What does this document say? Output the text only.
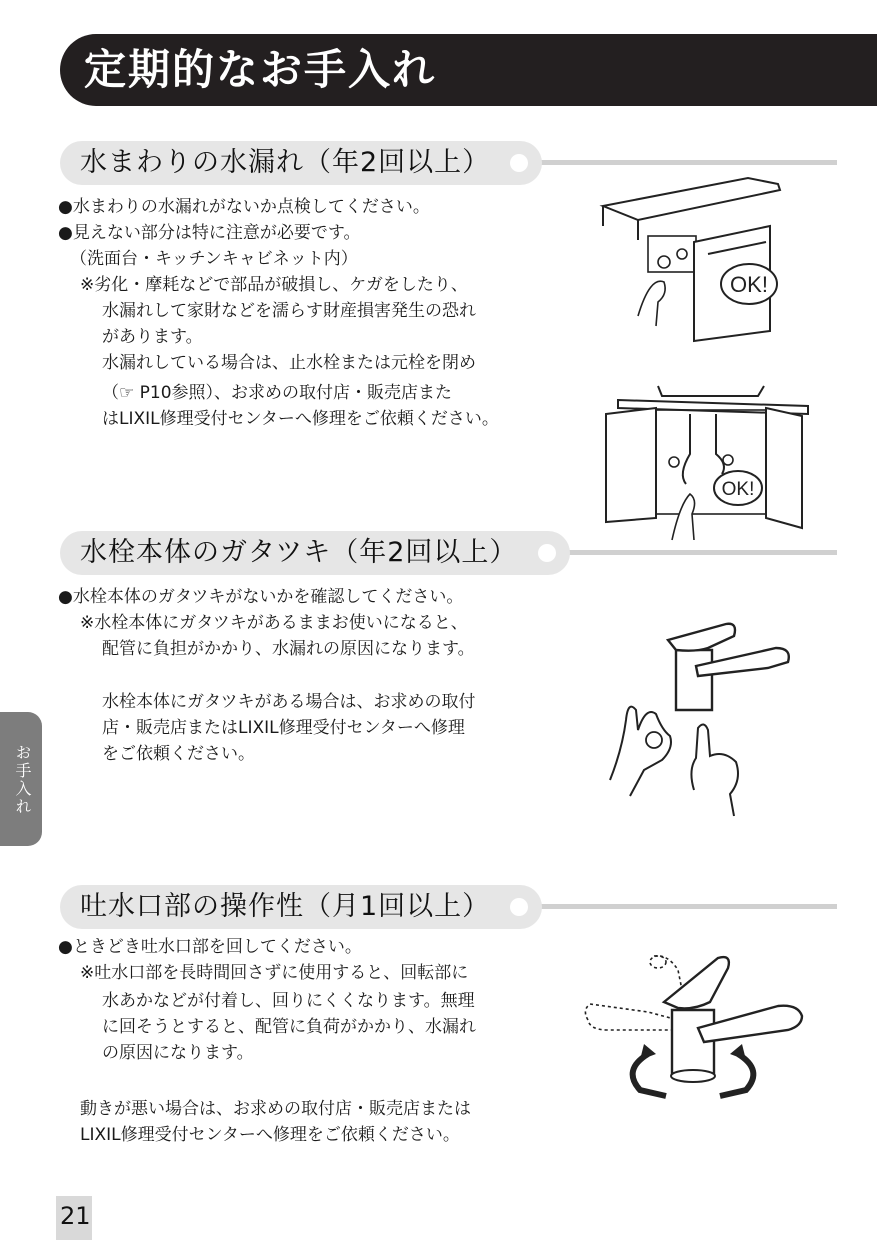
定期的なお手入れ
水まわりの水漏れ（年2回以上）
● 水まわりの水漏れがないか点検してください。
● 見えない部分は特に注意が必要です。
（洗面台・キッチンキャビネット内）
※劣化・摩耗などで部品が破損し、ケガをしたり、
水漏れして家財などを濡らす財産損害発生の恐れ
があります。
水漏れしている場合は、止水栓または元栓を閉め
（☞ P10参照）、お求めの取付店・販売店また
はLIXIL修理受付センターへ修理をご依頼ください。
OK!
OK!
水栓本体のガタツキ（年2回以上）
● 水栓本体のガタツキがないかを確認してください。
※水栓本体にガタツキがあるままお使いになると、
配管に負担がかかり、水漏れの原因になります。
水栓本体にガタツキがある場合は、お求めの取付
店・販売店またはLIXIL修理受付センターへ修理
をご依頼ください。
お手入れ
吐水口部の操作性（月1回以上）
● ときどき吐水口部を回してください。
※吐水口部を長時間回さずに使用すると、回転部に
水あかなどが付着し、回りにくくなります。無理
に回そうとすると、配管に負荷がかかり、水漏れ
の原因になります。
動きが悪い場合は、お求めの取付店・販売店または
LIXIL修理受付センターへ修理をご依頼ください。
21
